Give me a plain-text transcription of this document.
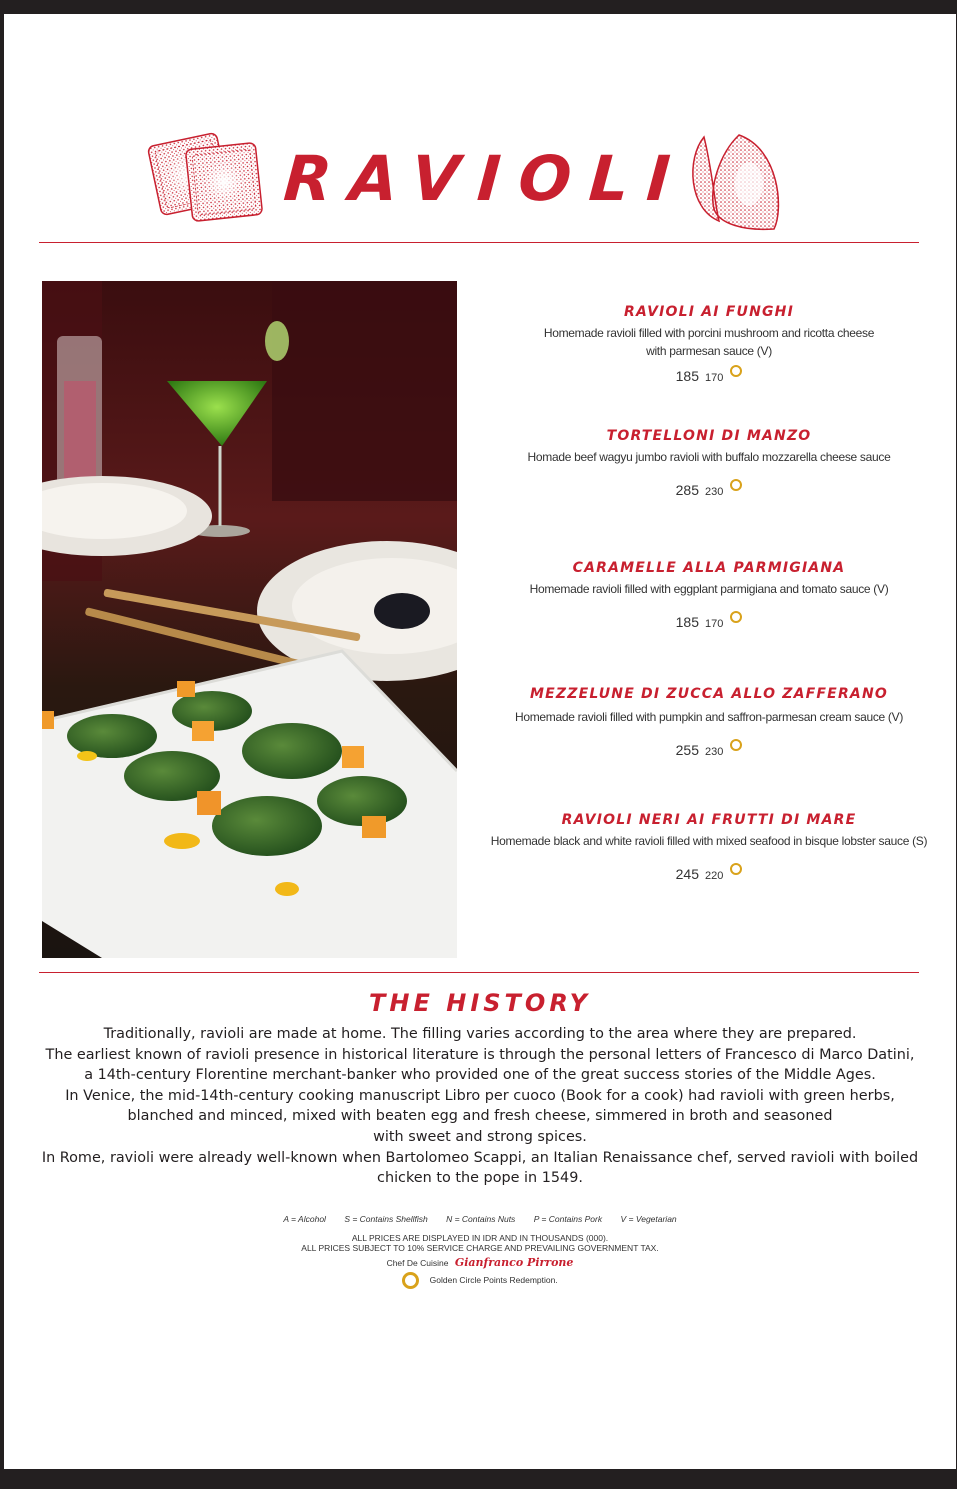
RAVIOLI
RAVIOLI AI FUNGHI
Homemade ravioli filled with porcini mushroom and ricotta cheese
with parmesan sauce (V)
185 170
TORTELLONI DI MANZO
Homade beef wagyu jumbo ravioli with buffalo mozzarella cheese sauce
285 230
CARAMELLE ALLA PARMIGIANA
Homemade ravioli filled with eggplant parmigiana and tomato sauce (V)
185 170
MEZZELUNE DI ZUCCA ALLO ZAFFERANO
Homemade ravioli filled with pumpkin and saffron-parmesan cream sauce (V)
255 230
RAVIOLI NERI AI FRUTTI DI MARE
Homemade black and white ravioli filled with mixed seafood in bisque lobster sauce (S)
245 220
THE HISTORY

Traditionally, ravioli are made at home. The filling varies according to the area where they are prepared.

The earliest known of ravioli presence in historical literature is through the personal letters of Francesco di Marco Datini,

a 14th-century Florentine merchant-banker who provided one of the great success stories of the Middle Ages.

In Venice, the mid-14th-century cooking manuscript Libro per cuoco (Book for a cook) had ravioli with green herbs,

blanched and minced, mixed with beaten egg and fresh cheese, simmered in broth and seasoned

with sweet and strong spices.

In Rome, ravioli were already well-known when Bartolomeo Scappi, an Italian Renaissance chef, served ravioli with boiled

chicken to the pope in 1549.

A = Alcohol S = Contains Shellfish N = Contains Nuts P = Contains Pork V = Vegetarian
ALL PRICES ARE DISPLAYED IN IDR AND IN THOUSANDS (000).
ALL PRICES SUBJECT TO 10% SERVICE CHARGE AND PREVAILING GOVERNMENT TAX.
Chef De Cuisine Gianfranco Pirrone
Golden Circle Points Redemption.
